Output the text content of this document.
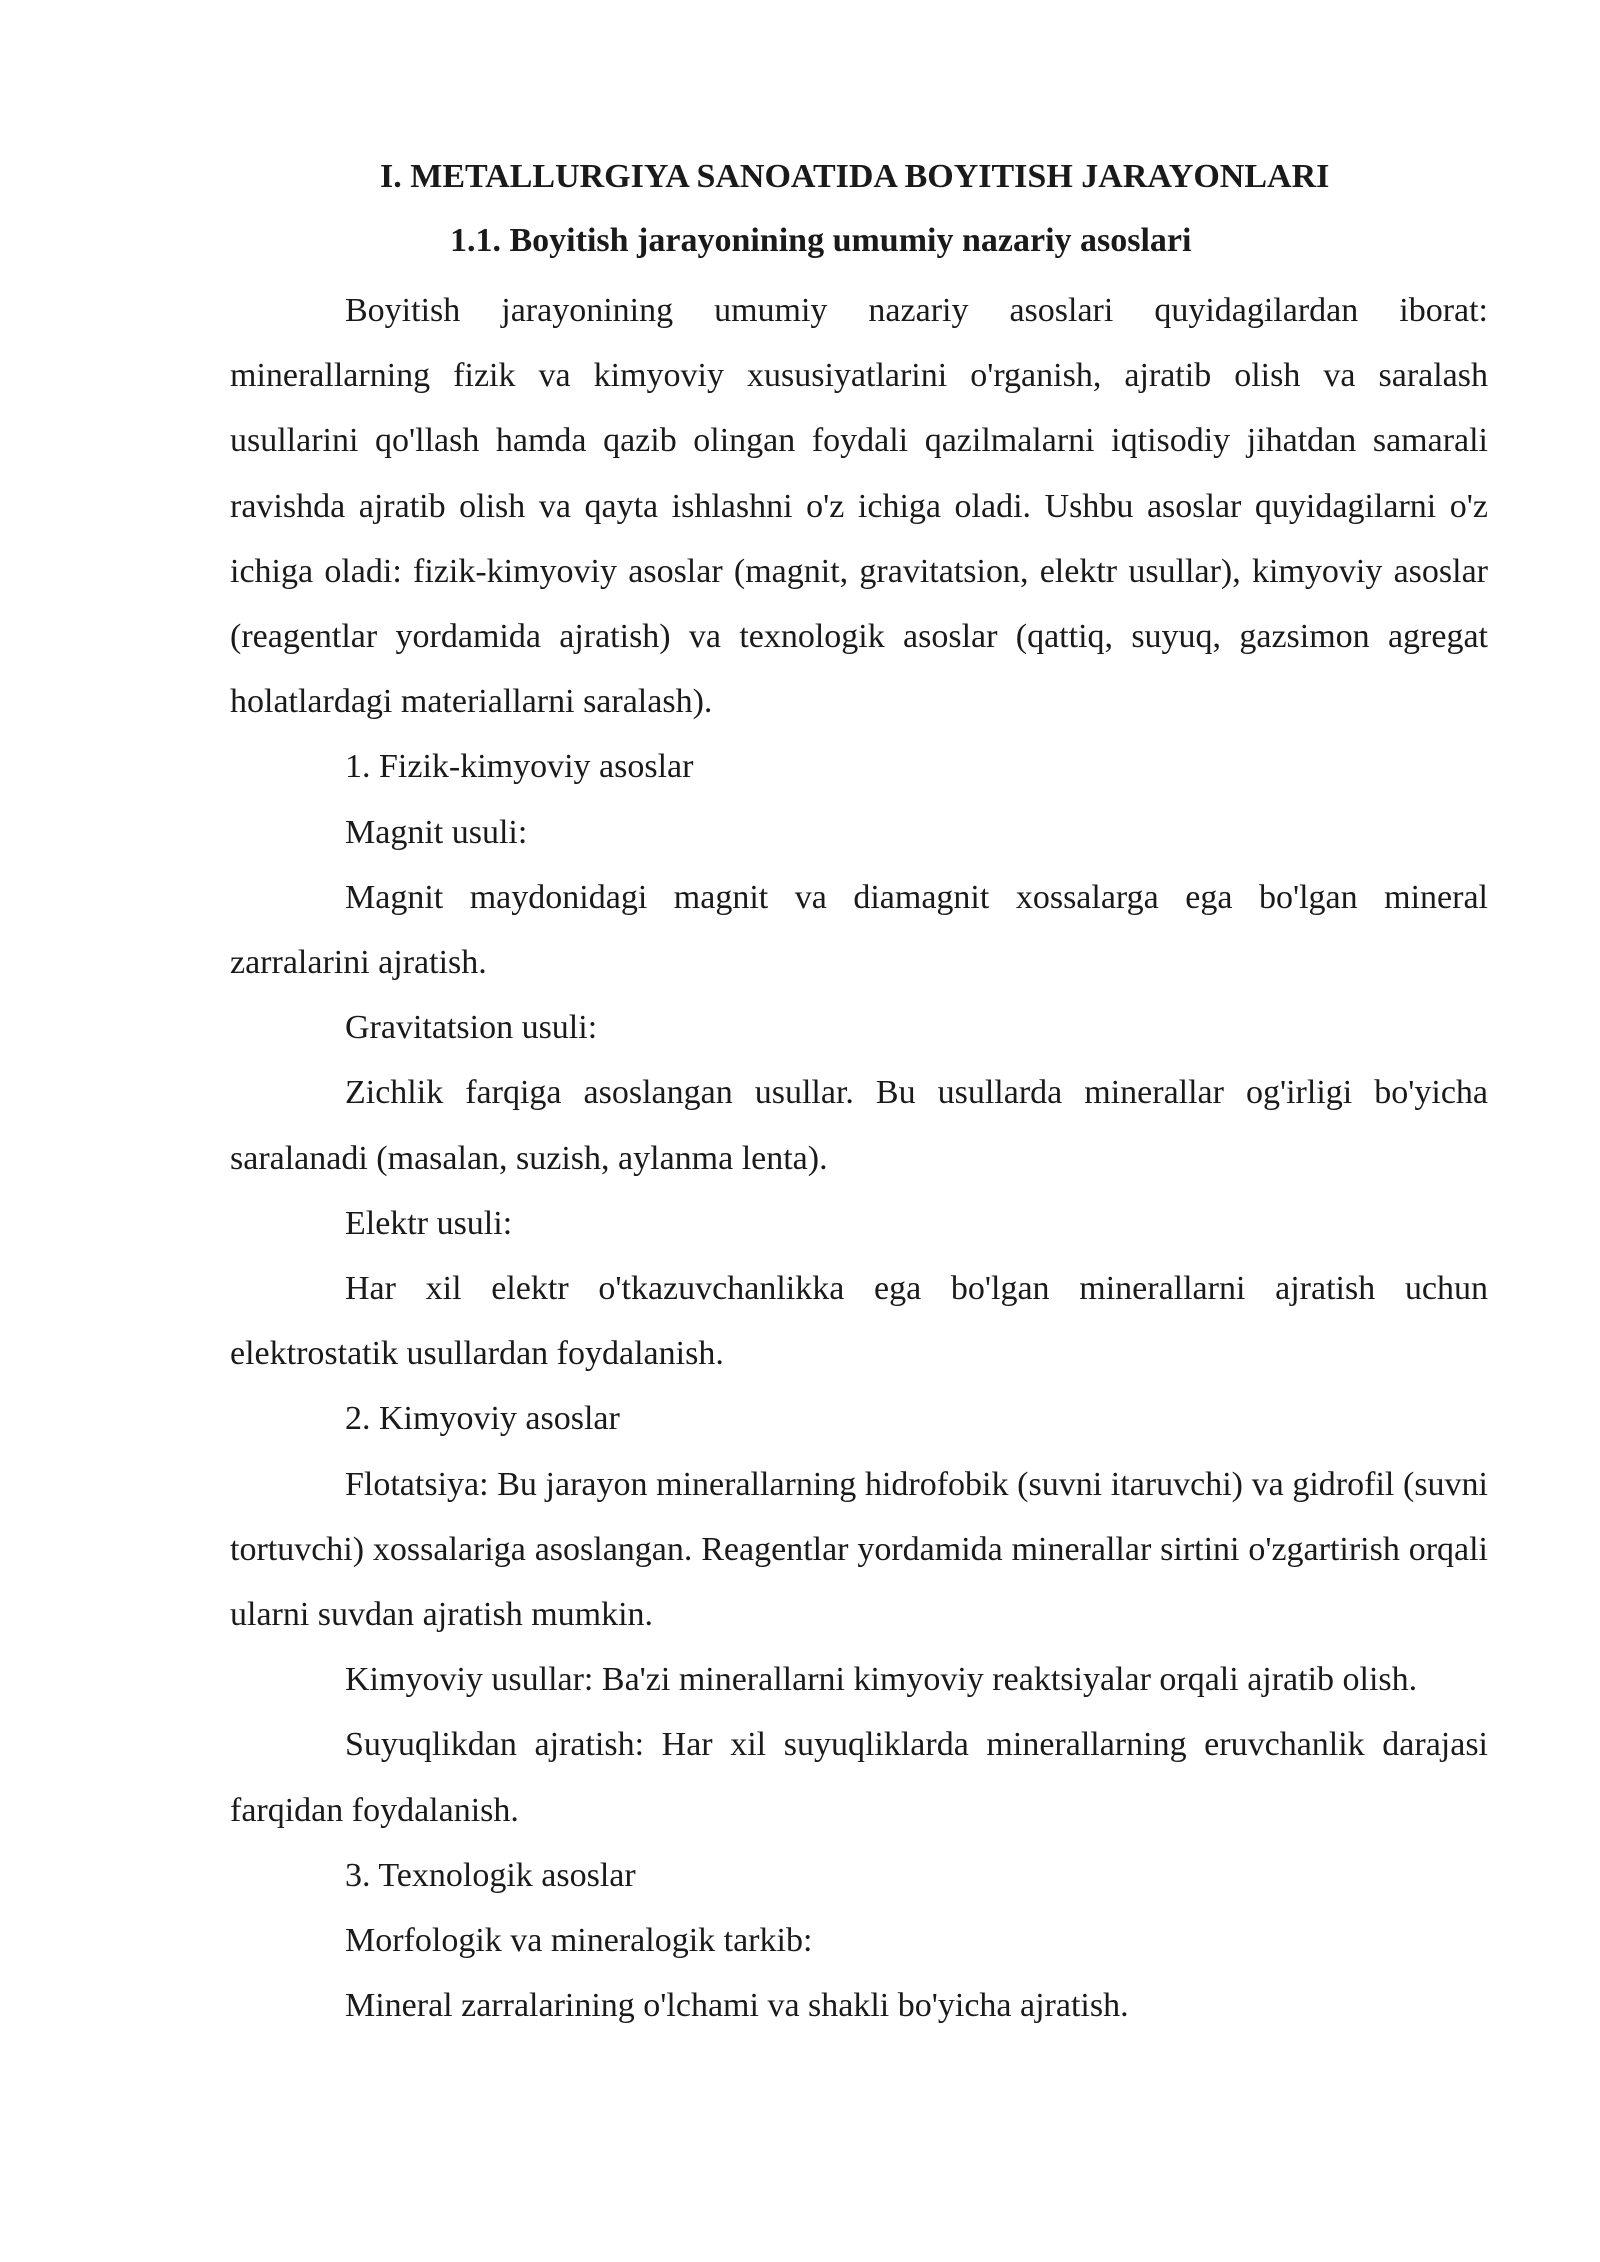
I. METALLURGIYA SANOATIDA BOYITISH JARAYONLARI
1.1. Boyitish jarayonining umumiy nazariy asoslari

Boyitish jarayonining umumiy nazariy asoslari quyidagilardan iborat: minerallarning fizik va kimyoviy xususiyatlarini o'rganish, ajratib olish va saralash usullarini qo'llash hamda qazib olingan foydali qazilmalarni iqtisodiy jihatdan samarali ravishda ajratib olish va qayta ishlashni o'z ichiga oladi. Ushbu asoslar quyidagilarni o'z ichiga oladi: fizik-kimyoviy asoslar (magnit, gravitatsion, elektr usullar), kimyoviy asoslar (reagentlar yordamida ajratish) va texnologik asoslar (qattiq, suyuq, gazsimon agregat holatlardagi materiallarni saralash).

1. Fizik-kimyoviy asoslar

Magnit usuli:

Magnit maydonidagi magnit va diamagnit xossalarga ega bo'lgan mineral zarralarini ajratish.

Gravitatsion usuli:

Zichlik farqiga asoslangan usullar. Bu usullarda minerallar og'irligi bo'yicha saralanadi (masalan, suzish, aylanma lenta).

Elektr usuli:

Har xil elektr o'tkazuvchanlikka ega bo'lgan minerallarni ajratish uchun elektrostatik usullardan foydalanish.

2. Kimyoviy asoslar

Flotatsiya: Bu jarayon minerallarning hidrofobik (suvni itaruvchi) va gidrofil (suvni tortuvchi) xossalariga asoslangan. Reagentlar yordamida minerallar sirtini o'zgartirish orqali ularni suvdan ajratish mumkin.

Kimyoviy usullar: Ba'zi minerallarni kimyoviy reaktsiyalar orqali ajratib olish.

Suyuqlikdan ajratish: Har xil suyuqliklarda minerallarning eruvchanlik darajasi farqidan foydalanish.

3. Texnologik asoslar

Morfologik va mineralogik tarkib:

Mineral zarralarining o'lchami va shakli bo'yicha ajratish.
